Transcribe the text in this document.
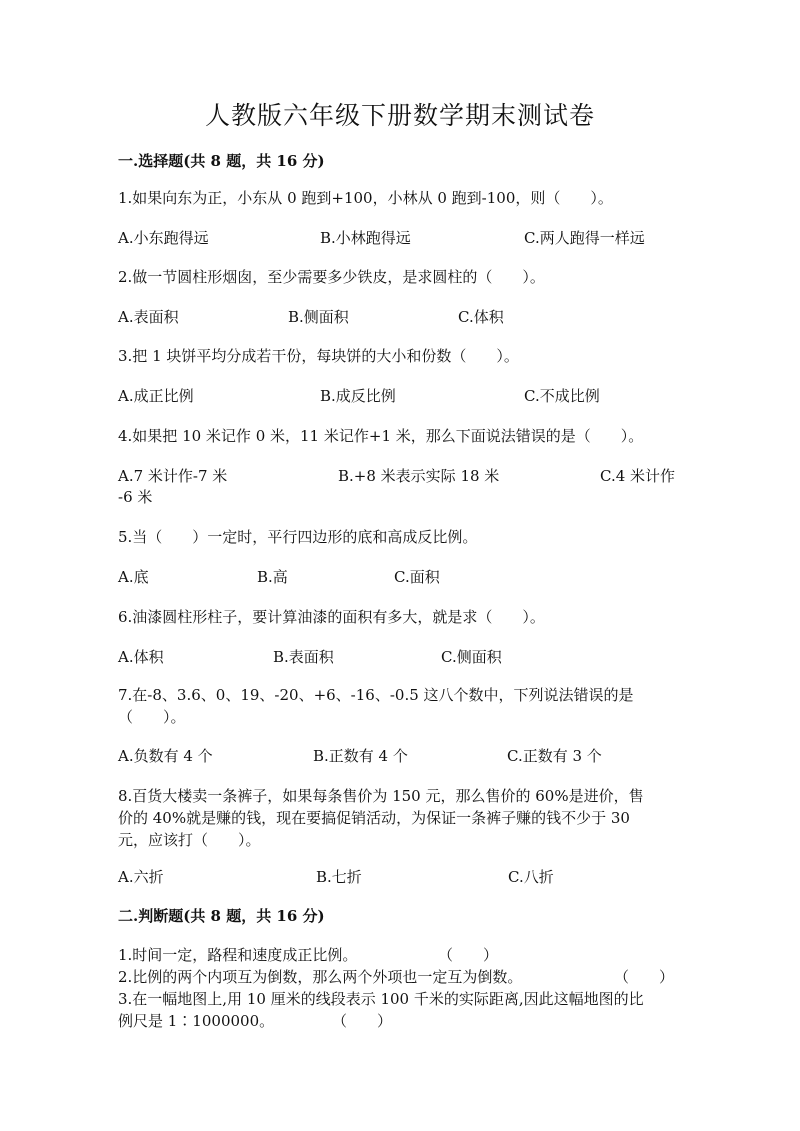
人教版六年级下册数学期末测试卷
一.选择题(共 8 题，共 16 分)
1.如果向东为正，小东从 0 跑到+100，小林从 0 跑到-100，则（　　）。
A.小东跑得远	B.小林跑得远	C.两人跑得一样远
2.做一节圆柱形烟囱，至少需要多少铁皮，是求圆柱的（　　）。
A.表面积	B.侧面积	C.体积
3.把 1 块饼平均分成若干份，每块饼的大小和份数（　　）。
A.成正比例	B.成反比例	C.不成比例
4.如果把 10 米记作 0 米，11 米记作+1 米，那么下面说法错误的是（　　）。
A.7 米计作-7 米	B.+8 米表示实际 18 米	C.4 米计作
-6 米
5.当（　　）一定时，平行四边形的底和高成反比例。
A.底	B.高	C.面积
6.油漆圆柱形柱子，要计算油漆的面积有多大，就是求（　　）。
A.体积	B.表面积	C.侧面积
7.在-8、3.6、0、19、-20、+6、-16、-0.5 这八个数中，下列说法错误的是
（　　）。
A.负数有 4 个	B.正数有 4 个	C.正数有 3 个
8.百货大楼卖一条裤子，如果每条售价为 150 元，那么售价的 60%是进价，售
价的 40%就是赚的钱，现在要搞促销活动，为保证一条裤子赚的钱不少于 30
元，应该打（　　）。
A.六折	B.七折	C.八折
二.判断题(共 8 题，共 16 分)
1.时间一定，路程和速度成正比例。	（　　）
2.比例的两个内项互为倒数，那么两个外项也一定互为倒数。	（　　）
3.在一幅地图上,用 10 厘米的线段表示 100 千米的实际距离,因此这幅地图的比
例尺是 1∶1000000。	（　　）
